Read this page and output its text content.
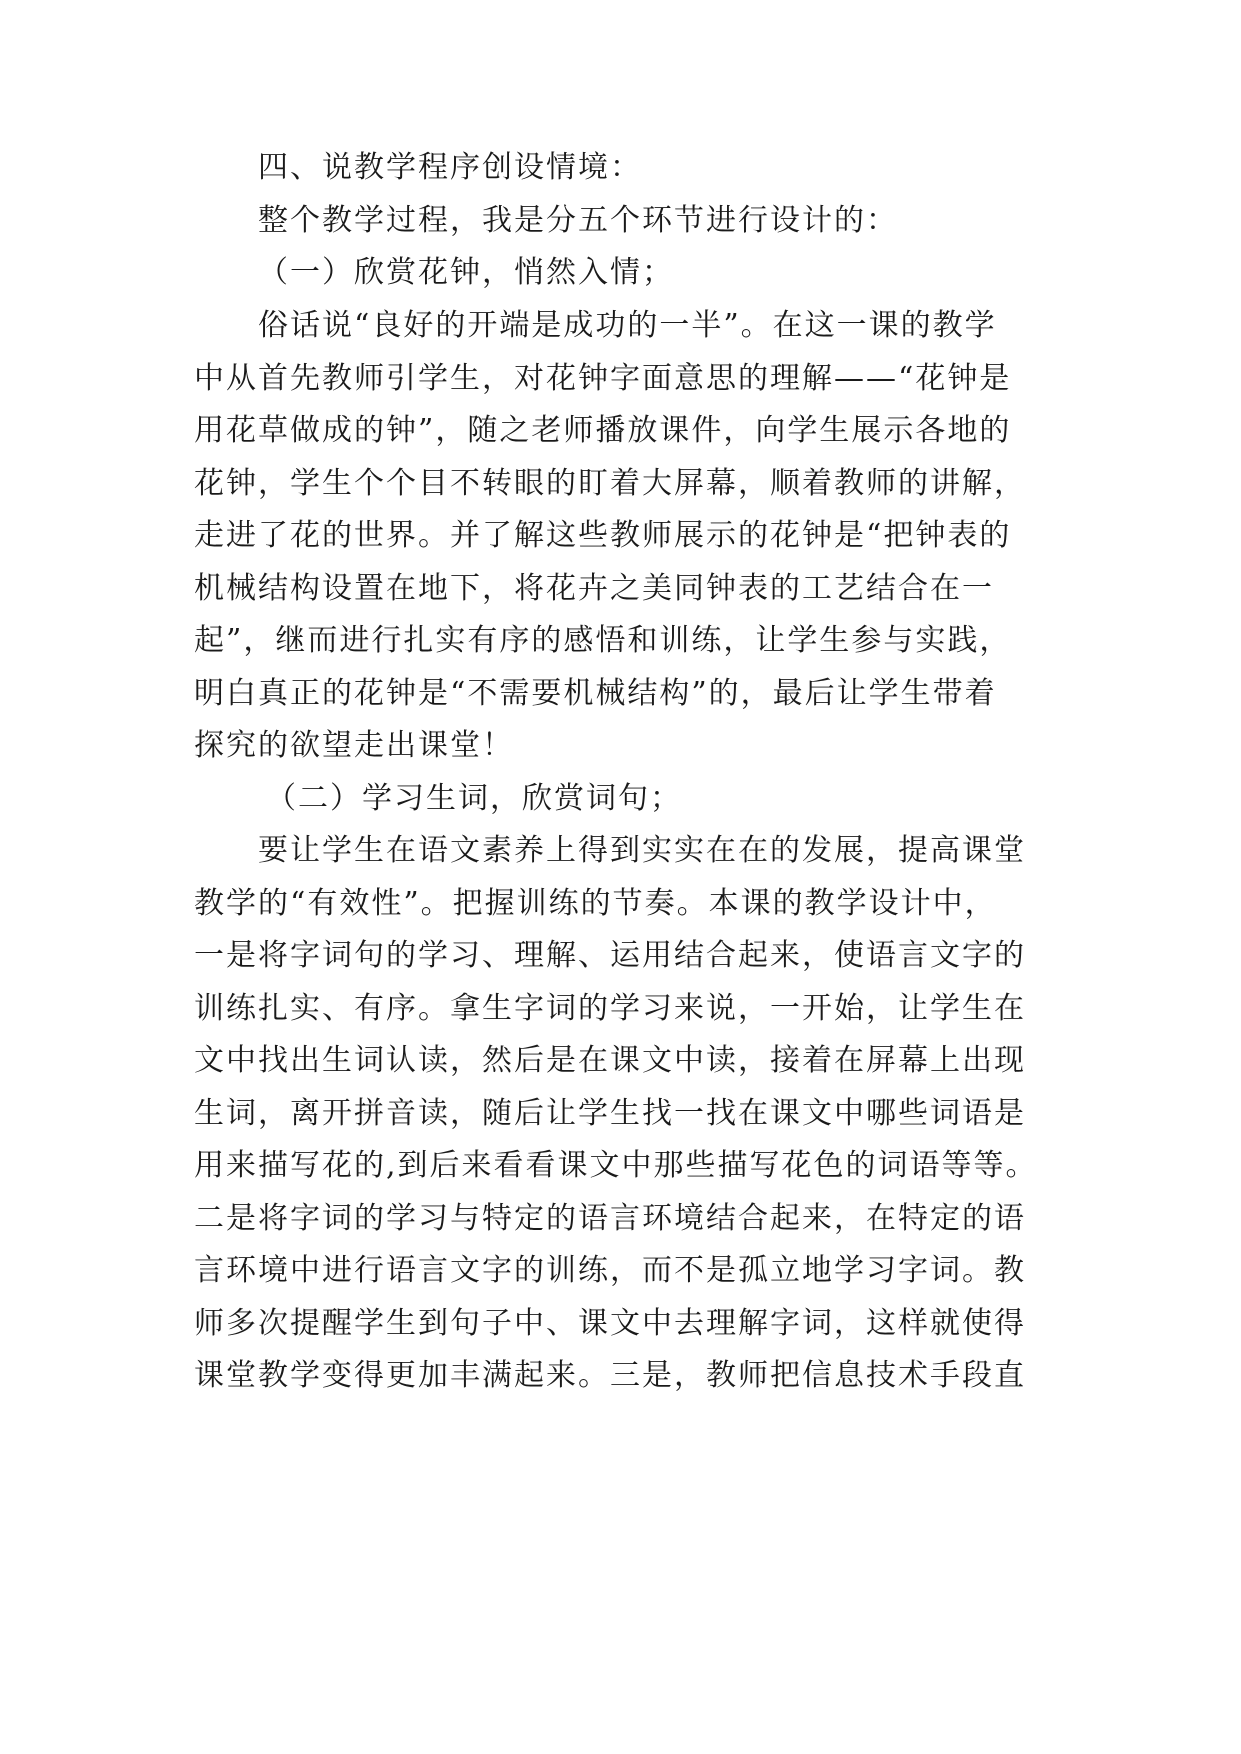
四、说教学程序创设情境：
整个教学过程，我是分五个环节进行设计的：
（一）欣赏花钟，悄然入情；
俗话说“良好的开端是成功的一半”。在这一课的教学
中从首先教师引学生，对花钟字面意思的理解——“花钟是
用花草做成的钟”，随之老师播放课件，向学生展示各地的
花钟，学生个个目不转眼的盯着大屏幕，顺着教师的讲解，
走进了花的世界。并了解这些教师展示的花钟是“把钟表的
机械结构设置在地下，将花卉之美同钟表的工艺结合在一
起”，继而进行扎实有序的感悟和训练，让学生参与实践，
明白真正的花钟是“不需要机械结构”的，最后让学生带着
探究的欲望走出课堂！
（二）学习生词，欣赏词句；
要让学生在语文素养上得到实实在在的发展，提高课堂
教学的“有效性”。把握训练的节奏。本课的教学设计中，
一是将字词句的学习、理解、运用结合起来，使语言文字的
训练扎实、有序。拿生字词的学习来说，一开始，让学生在
文中找出生词认读，然后是在课文中读，接着在屏幕上出现
生词，离开拼音读，随后让学生找一找在课文中哪些词语是
用来描写花的,到后来看看课文中那些描写花色的词语等等。
二是将字词的学习与特定的语言环境结合起来，在特定的语
言环境中进行语言文字的训练，而不是孤立地学习字词。教
师多次提醒学生到句子中、课文中去理解字词，这样就使得
课堂教学变得更加丰满起来。三是，教师把信息技术手段直
